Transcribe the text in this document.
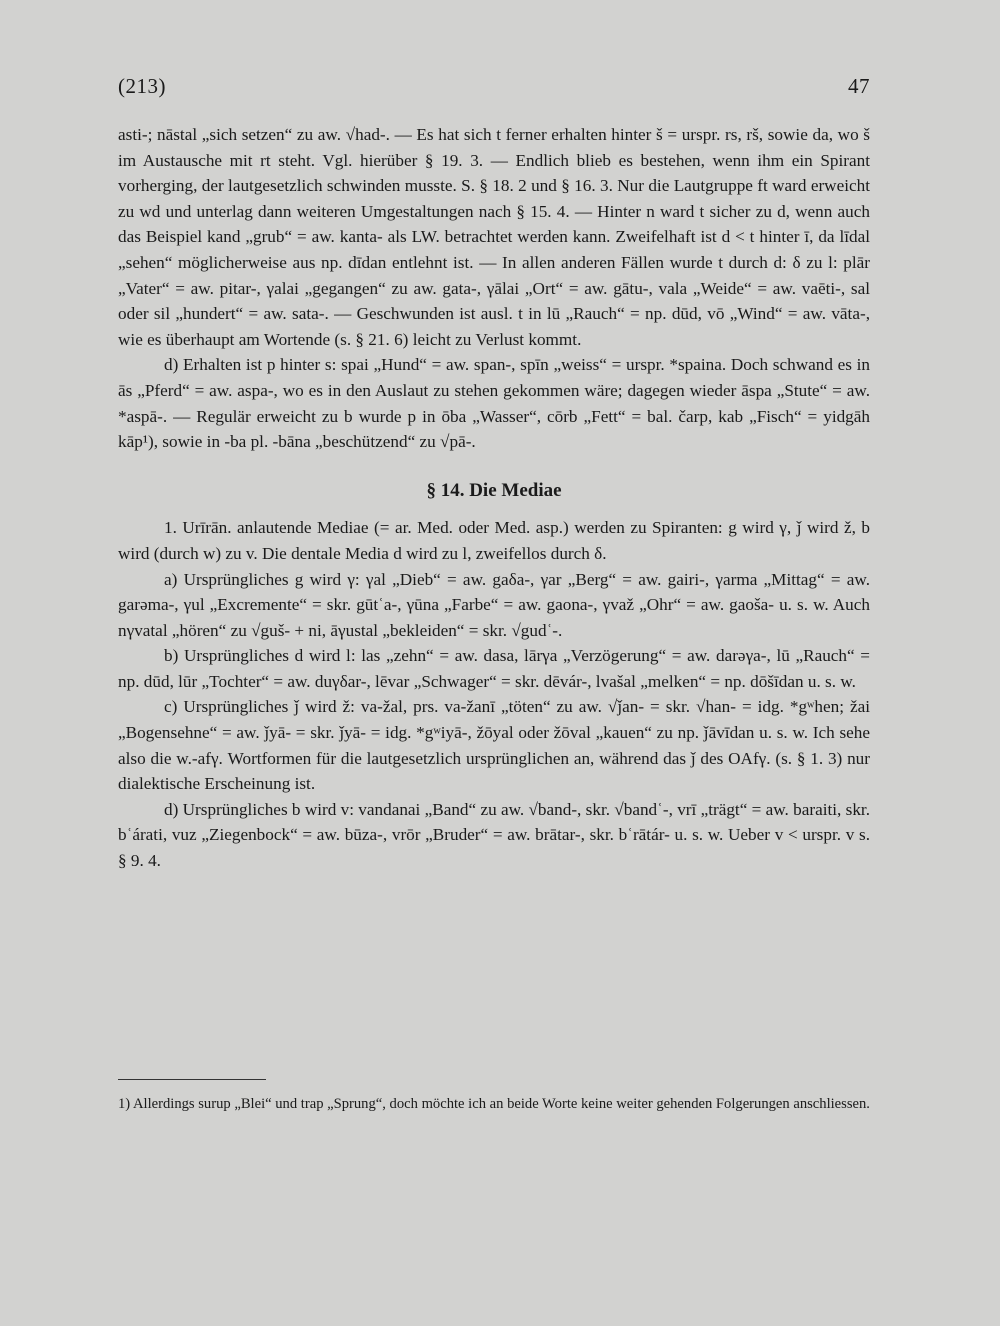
(213)	47

asti-; nāstal „sich setzen“ zu aw. √had-. — Es hat sich t ferner erhalten hinter š = urspr. rs, rš, sowie da, wo š im Austausche mit rt steht. Vgl. hierüber § 19. 3. — Endlich blieb es bestehen, wenn ihm ein Spirant vorherging, der lautgesetzlich schwinden musste. S. § 18. 2 und § 16. 3. Nur die Lautgruppe ft ward erweicht zu wd und unterlag dann weiteren Umgestaltungen nach § 15. 4. — Hinter n ward t sicher zu d, wenn auch das Beispiel kand „grub“ = aw. kanta- als LW. betrachtet werden kann. Zweifelhaft ist d < t hinter ī, da līdal „sehen“ möglicherweise aus np. dīdan entlehnt ist. — In allen anderen Fällen wurde t durch d: δ zu l: plār „Vater“ = aw. pitar-, γalai „gegangen“ zu aw. gata-, γālai „Ort“ = aw. gātu-, vala „Weide“ = aw. vaēti-, sal oder sil „hundert“ = aw. sata-. — Geschwunden ist ausl. t in lū „Rauch“ = np. dūd, vō „Wind“ = aw. vāta-, wie es überhaupt am Wortende (s. § 21. 6) leicht zu Verlust kommt.

d) Erhalten ist p hinter s: spai „Hund“ = aw. span-, spīn „weiss“ = urspr. *spaina. Doch schwand es in ās „Pferd“ = aw. aspa-, wo es in den Auslaut zu stehen gekommen wäre; dagegen wieder āspa „Stute“ = aw. *aspā-. — Regulär erweicht zu b wurde p in ōba „Wasser“, cōrb „Fett“ = bal. čarp, kab „Fisch“ = yidgāh kāp¹), sowie in -ba pl. -bāna „beschützend“ zu √pā-.

§ 14. Die Mediae

1. Urīrān. anlautende Mediae (= ar. Med. oder Med. asp.) werden zu Spiranten: g wird γ, ǰ wird ž, b wird (durch w) zu v. Die dentale Media d wird zu l, zweifellos durch δ.

a) Ursprüngliches g wird γ: γal „Dieb“ = aw. gaδa-, γar „Berg“ = aw. gairi-, γarma „Mittag“ = aw. garəma-, γul „Excremente“ = skr. gūtʿa-, γūna „Farbe“ = aw. gaona-, γvaž „Ohr“ = aw. gaoša- u. s. w. Auch nγvatal „hören“ zu √guš- + ni, āγustal „bekleiden“ = skr. √gudʿ-.

b) Ursprüngliches d wird l: las „zehn“ = aw. dasa, lārγa „Verzögerung“ = aw. darəγa-, lū „Rauch“ = np. dūd, lūr „Tochter“ = aw. duγδar-, lēvar „Schwager“ = skr. dēvár-, lvašal „melken“ = np. dōšīdan u. s. w.

c) Ursprüngliches ǰ wird ž: va-žal, prs. va-žanī „töten“ zu aw. √ǰan- = skr. √han- = idg. *gʷhen; žai „Bogensehne“ = aw. ǰyā- = skr. ǰyā- = idg. *gʷiyā-, žōyal oder žōval „kauen“ zu np. ǰāvīdan u. s. w. Ich sehe also die w.-afγ. Wortformen für die lautgesetzlich ursprünglichen an, während das ǰ des OAfγ. (s. § 1. 3) nur dialektische Erscheinung ist.

d) Ursprüngliches b wird v: vandanai „Band“ zu aw. √band-, skr. √bandʿ-, vrī „trägt“ = aw. baraiti, skr. bʿárati, vuz „Ziegenbock“ = aw. būza-, vrōr „Bruder“ = aw. brātar-, skr. bʿrātár- u. s. w. Ueber v < urspr. v s. § 9. 4.

1) Allerdings surup „Blei“ und trap „Sprung“, doch möchte ich an beide Worte keine weiter gehenden Folgerungen anschliessen.
